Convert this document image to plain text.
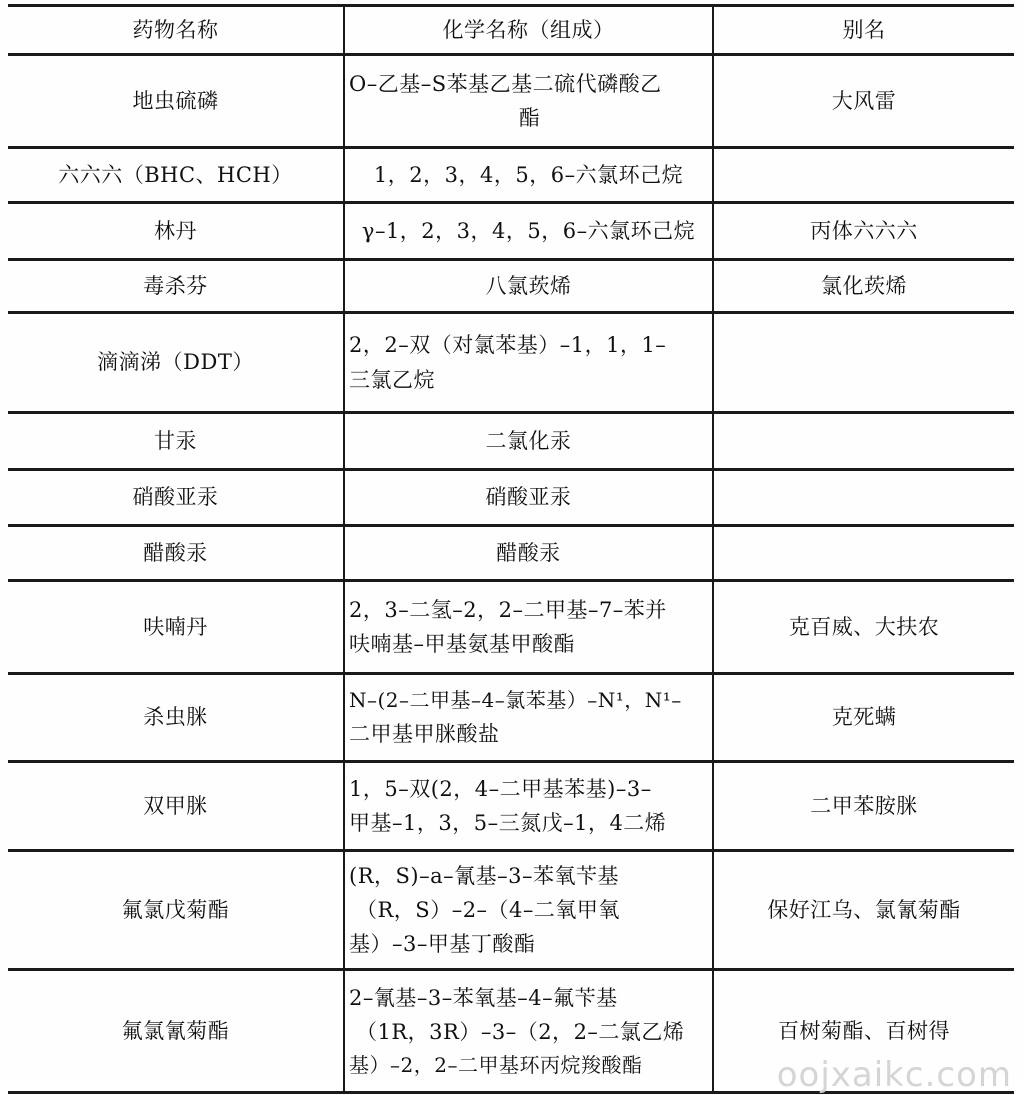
药物名称	化学名称（组成）	别名

地虫硫磷	O–乙基–S苯基乙基二硫代磷酸乙
酯	大风雷

六六六（BHC、HCH）	1，2，3，4，5，6–六氯环己烷	

林丹	γ–1，2，3，4，5，6–六氯环己烷	丙体六六六

毒杀芬	八氯莰烯	氯化莰烯

滴滴涕（DDT）	2，2–双（对氯苯基）–1，1，1–
三氯乙烷	

甘汞	二氯化汞	

硝酸亚汞	硝酸亚汞	

醋酸汞	醋酸汞	

呋喃丹	2，3–二氢–2，2–二甲基–7–苯并
呋喃基–甲基氨基甲酸酯	克百威、大扶农

杀虫脒	N–(2–二甲基–4–氯苯基）–N¹，N¹–
二甲基甲脒酸盐	克死螨

双甲脒	1，5–双(2，4–二甲基苯基)–3–
甲基–1，3，5–三氮戊–1，4二烯	二甲苯胺脒

氟氯戊菊酯	(R，S)–a–氰基–3–苯氧苄基
（R，S）–2–（4–二氧甲氧
基）–3–甲基丁酸酯	保好江乌、氯氰菊酯

氟氯氰菊酯	2–氰基–3–苯氧基–4–氟苄基
（1R，3R）–3–（2，2–二氯乙烯
基）–2，2–二甲基环丙烷羧酸酯	百树菊酯、百树得
oojxaikc.com
